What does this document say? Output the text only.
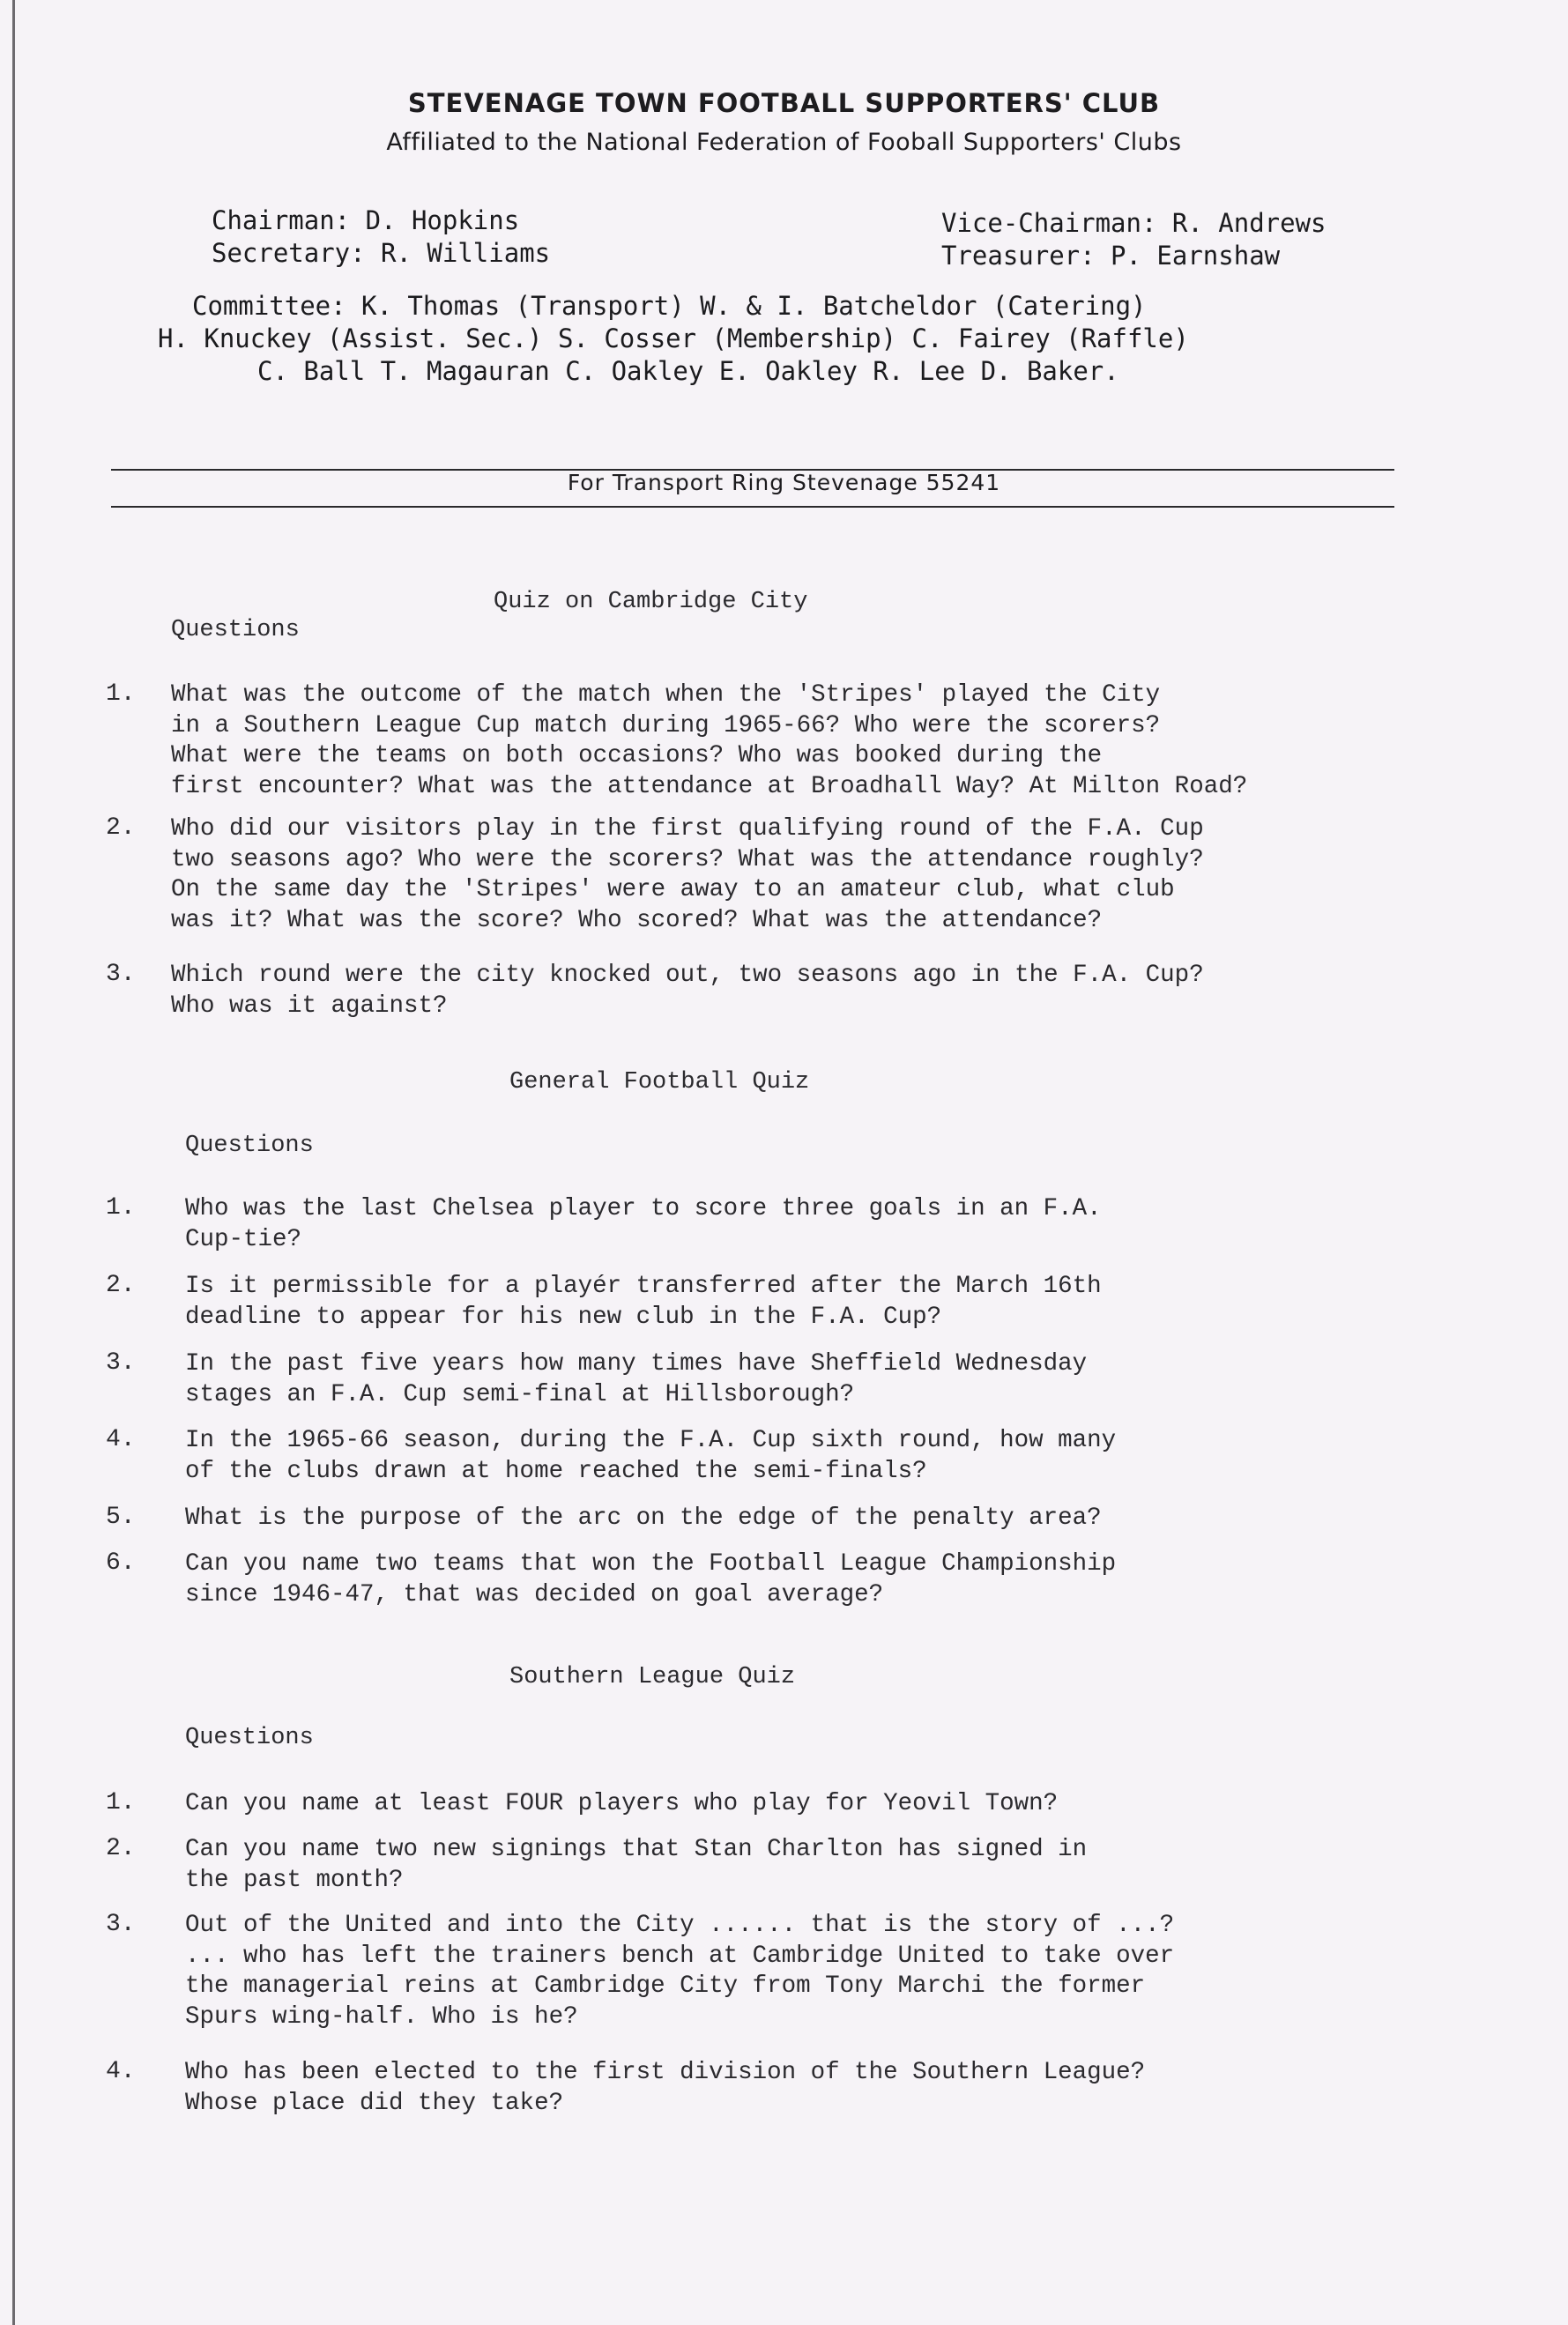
STEVENAGE TOWN FOOTBALL SUPPORTERS' CLUB
Affiliated to the National Federation of Fooball Supporters' Clubs
Chairman: D. Hopkins
Secretary: R. Williams
Vice-Chairman: R. Andrews
Treasurer: P. Earnshaw
Committee: K. Thomas (Transport) W. & I. Batcheldor (Catering)
H. Knuckey (Assist. Sec.) S. Cosser (Membership) C. Fairey (Raffle)
C. Ball T. Magauran C. Oakley E. Oakley R. Lee D. Baker.
For Transport Ring Stevenage 55241
Quiz on Cambridge City
Questions
1. What was the outcome of the match when the 'Stripes' played the City
in a Southern League Cup match during 1965-66? Who were the scorers?
What were the teams on both occasions? Who was booked during the
first encounter? What was the attendance at Broadhall Way? At Milton Road?
2. Who did our visitors play in the first qualifying round of the F.A. Cup
two seasons ago? Who were the scorers? What was the attendance roughly?
On the same day the 'Stripes' were away to an amateur club, what club
was it? What was the score? Who scored? What was the attendance?
3. Which round were the city knocked out, two seasons ago in the F.A. Cup?
Who was it against?
General Football Quiz
Questions
1. Who was the last Chelsea player to score three goals in an F.A.
Cup-tie?
2. Is it permissible for a playér transferred after the March 16th
deadline to appear for his new club in the F.A. Cup?
3. In the past five years how many times have Sheffield Wednesday
stages an F.A. Cup semi-final at Hillsborough?
4. In the 1965-66 season, during the F.A. Cup sixth round, how many
of the clubs drawn at home reached the semi-finals?
5. What is the purpose of the arc on the edge of the penalty area?
6. Can you name two teams that won the Football League Championship
since 1946-47, that was decided on goal average?
Southern League Quiz
Questions
1. Can you name at least FOUR players who play for Yeovil Town?
2. Can you name two new signings that Stan Charlton has signed in
the past month?
3. Out of the United and into the City ...... that is the story of ...?
... who has left the trainers bench at Cambridge United to take over
the managerial reins at Cambridge City from Tony Marchi the former
Spurs wing-half. Who is he?
4. Who has been elected to the first division of the Southern League?
Whose place did they take?
